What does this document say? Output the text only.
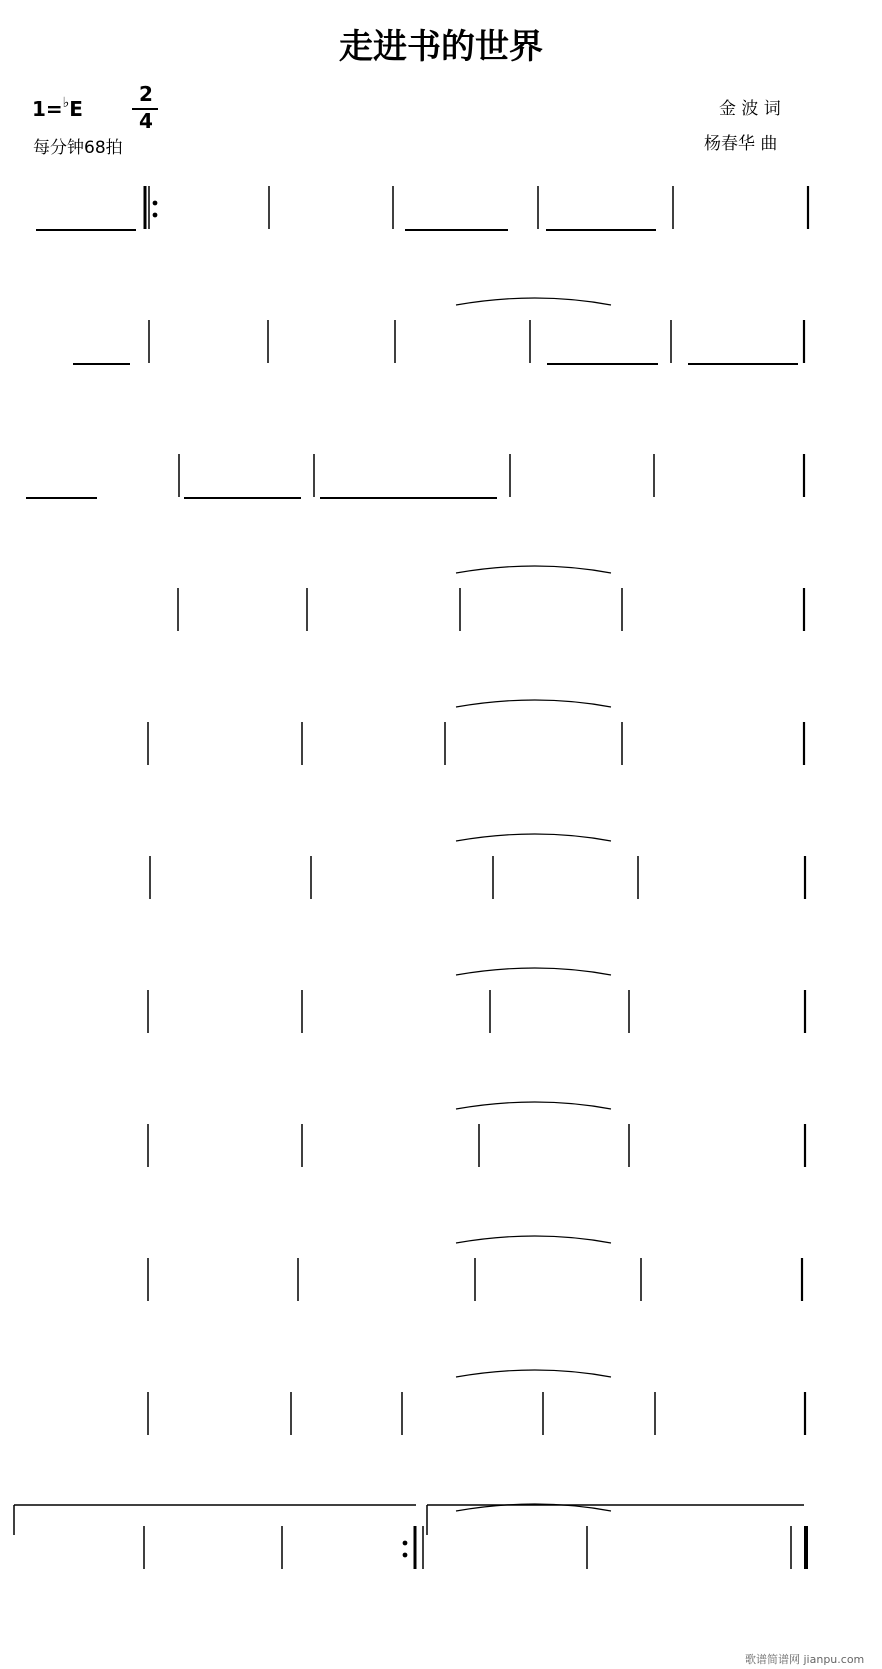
走进书的世界
1=♭E
2
4
每分钟68拍
金 波 词
杨春华 曲
歌谱简谱网 jianpu.com
